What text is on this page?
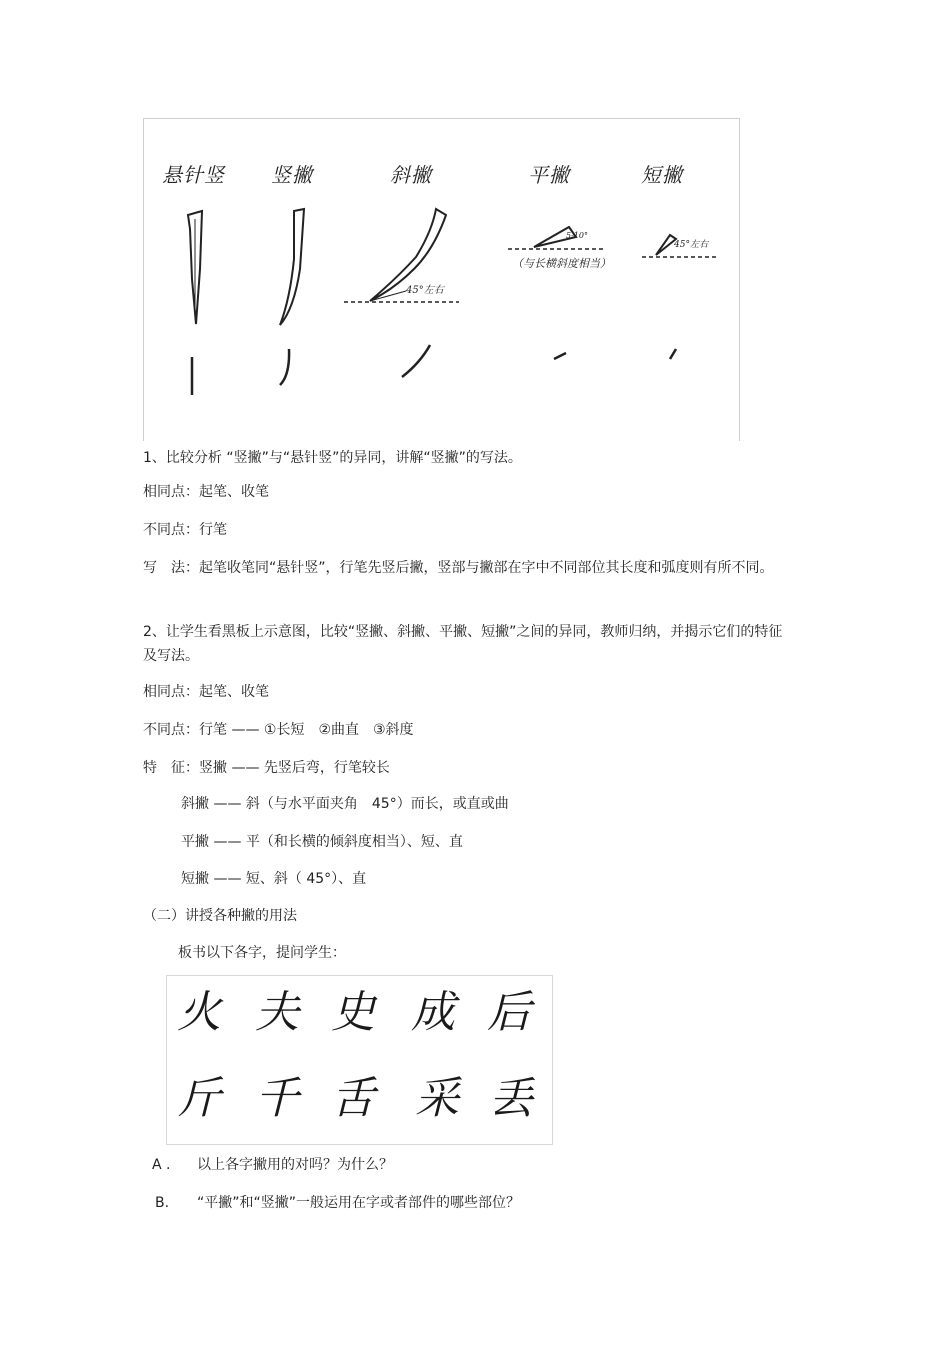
悬针竖 竖撇	斜撇	平撇	短撇
45°左右
5-10°
（与长横斜度相当）
45°左右
1、比较分析 “竖撇”与“悬针竖”的异同，讲解“竖撇”的写法。
相同点：起笔、收笔
不同点：行笔
写　法：起笔收笔同“悬针竖”，行笔先竖后撇，竖部与撇部在字中不同部位其长度和弧度则有所不同。
2、让学生看黑板上示意图，比较“竖撇、斜撇、平撇、短撇”之间的异同，教师归纳，并揭示它们的特征及写法。
相同点：起笔、收笔
不同点：行笔 —— ①长短　②曲直　③斜度
特　征：竖撇 —— 先竖后弯，行笔较长
斜撇 —— 斜（与水平面夹角　45°）而长，或直或曲
平撇 —— 平（和长横的倾斜度相当）、短、直
短撇 —— 短、斜（ 45°）、直
（二）讲授各种撇的用法
板书以下各字，提问学生：
火 夫 史 成 后
斤 千 舌 采 丢
A . 以上各字撇用的对吗？为什么？
B. “平撇”和“竖撇”一般运用在字或者部件的哪些部位？
